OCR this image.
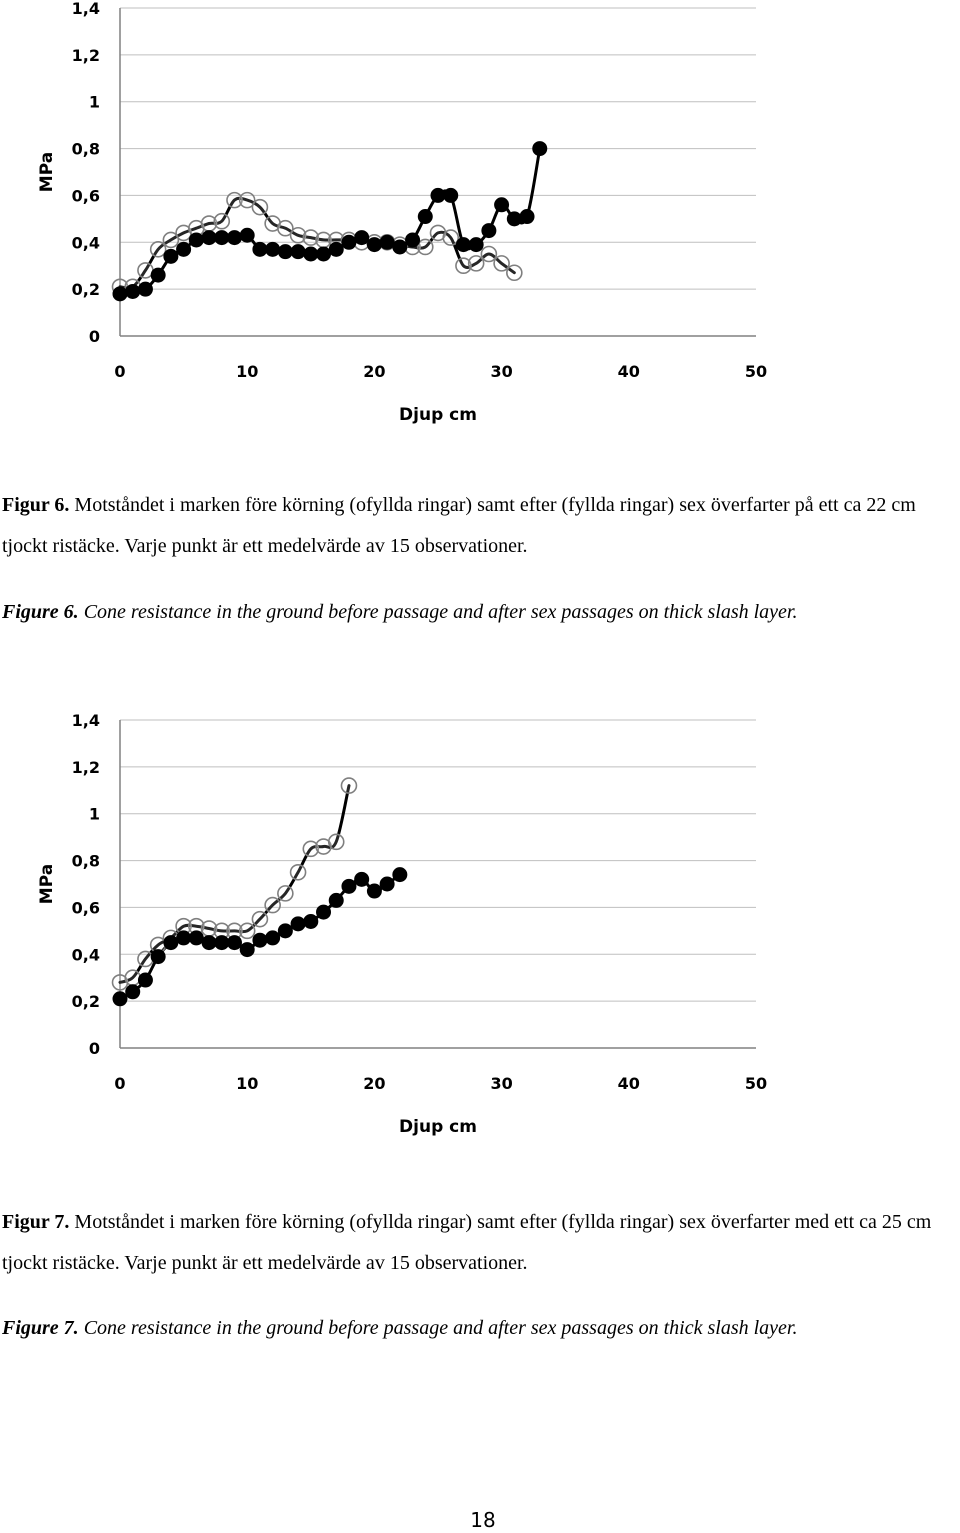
0
0,2
0,4
0,6
0,8
1
1,2
1,4
0	10	20	30	40	50
Djup cm
MPa

Figur 6. Motståndet i marken före körning (ofyllda ringar) samt efter (fyllda ringar) sex överfarter på ett ca 22 cm tjockt ristäcke. Varje punkt är ett medelvärde av 15 observationer.

Figure 6. Cone resistance in the ground before passage and after sex passages on thick slash layer.

0
0,2
0,4
0,6
0,8
1
1,2
1,4
0	10	20	30	40	50
Djup cm
MPa

Figur 7. Motståndet i marken före körning (ofyllda ringar) samt efter (fyllda ringar) sex överfarter med ett ca 25 cm tjockt ristäcke. Varje punkt är ett medelvärde av 15 observationer.

Figure 7. Cone resistance in the ground before passage and after sex passages on thick slash layer.

18
